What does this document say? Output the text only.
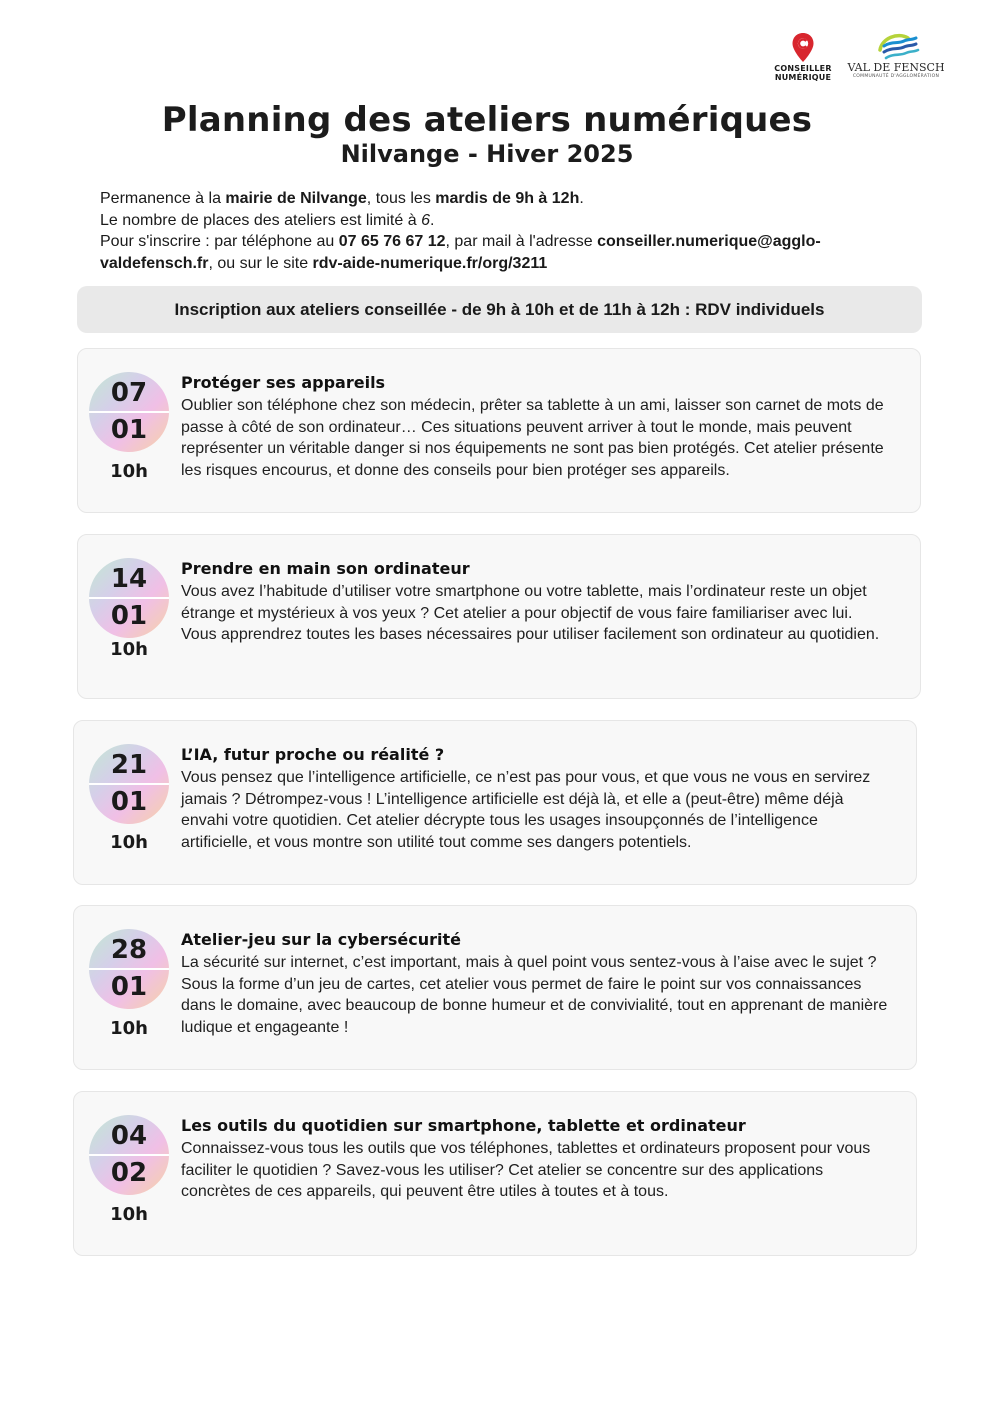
CONSEILLER
NUMÉRIQUE
VAL DE FENSCH
COMMUNAUTÉ D'AGGLOMÉRATION
Planning des ateliers numériques
Nilvange - Hiver 2025

Permanence à la mairie de Nilvange, tous les mardis de 9h à 12h.

Le nombre de places des ateliers est limité à 6.

Pour s'inscrire : par téléphone au 07 65 76 67 12, par mail à l'adresse conseiller.numerique@agglo-valdefensch.fr, ou sur le site rdv-aide-numerique.fr/org/3211

Inscription aux ateliers conseillée - de 9h à 10h et de 11h à 12h : RDV individuels
07
01
10h
Protéger ses appareils

Oublier son téléphone chez son médecin, prêter sa tablette à un ami, laisser son carnet de mots de passe à côté de son ordinateur… Ces situations peuvent arriver à tout le monde, mais peuvent représenter un véritable danger si nos équipements ne sont pas bien protégés. Cet atelier présente les risques encourus, et donne des conseils pour bien protéger ses appareils.

14
01
10h
Prendre en main son ordinateur

Vous avez l’habitude d’utiliser votre smartphone ou votre tablette, mais l’ordinateur reste un objet étrange et mystérieux à vos yeux ? Cet atelier a pour objectif de vous faire familiariser avec lui. Vous apprendrez toutes les bases nécessaires pour utiliser facilement son ordinateur au quotidien.

21
01
10h
L’IA, futur proche ou réalité ?

Vous pensez que l’intelligence artificielle, ce n’est pas pour vous, et que vous ne vous en servirez jamais ? Détrompez-vous ! L’intelligence artificielle est déjà là, et elle a (peut-être) même déjà envahi votre quotidien. Cet atelier décrypte tous les usages insoupçonnés de l’intelligence artificielle, et vous montre son utilité tout comme ses dangers potentiels.

28
01
10h
Atelier-jeu sur la cybersécurité

La sécurité sur internet, c’est important, mais à quel point vous sentez-vous à l’aise avec le sujet ? Sous la forme d’un jeu de cartes, cet atelier vous permet de faire le point sur vos connaissances dans le domaine, avec beaucoup de bonne humeur et de convivialité, tout en apprenant de manière ludique et engageante !

04
02
10h
Les outils du quotidien sur smartphone, tablette et ordinateur

Connaissez-vous tous les outils que vos téléphones, tablettes et ordinateurs proposent pour vous faciliter le quotidien ? Savez-vous les utiliser? Cet atelier se concentre sur des applications concrètes de ces appareils, qui peuvent être utiles à toutes et à tous.
